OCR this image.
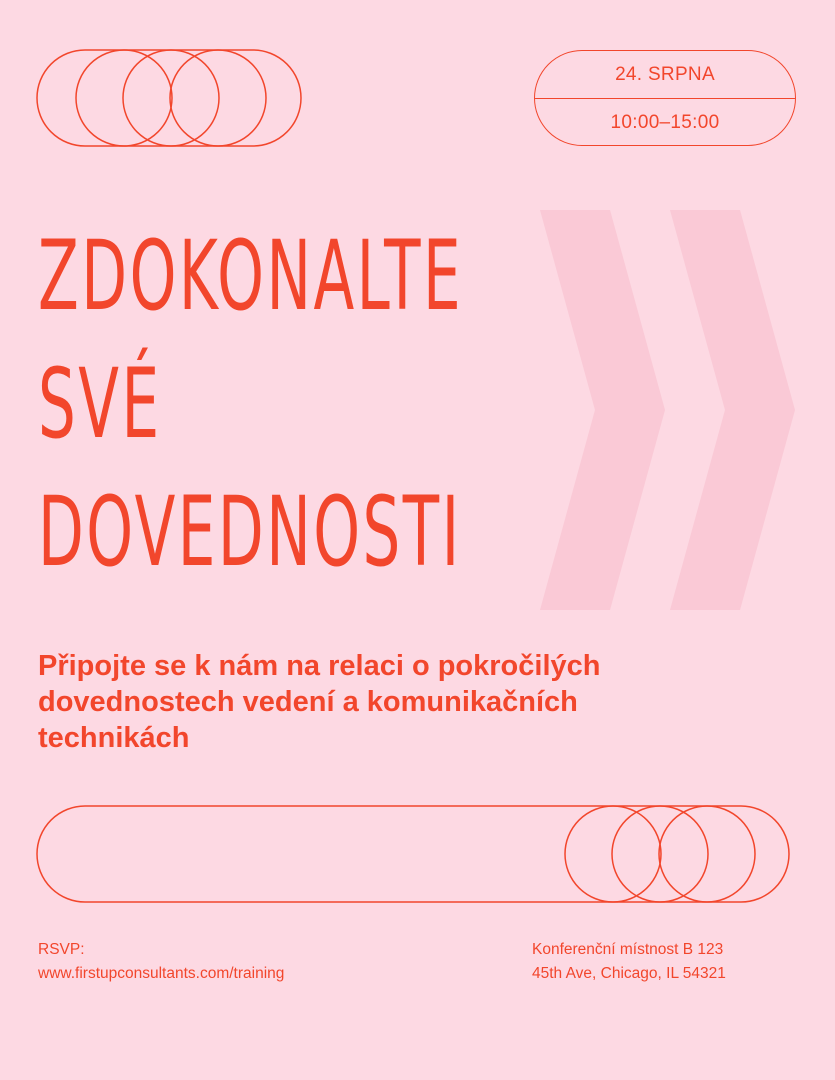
24. SRPNA
10:00–15:00
ZDOKONALTE
SVÉ
DOVEDNOSTI

Připojte se k nám na relaci o pokročilých
dovednostech vedení a komunikačních
technikách

RSVP:
www.firstupconsultants.com/training
Konferenční místnost B 123
45th Ave, Chicago, IL 54321
